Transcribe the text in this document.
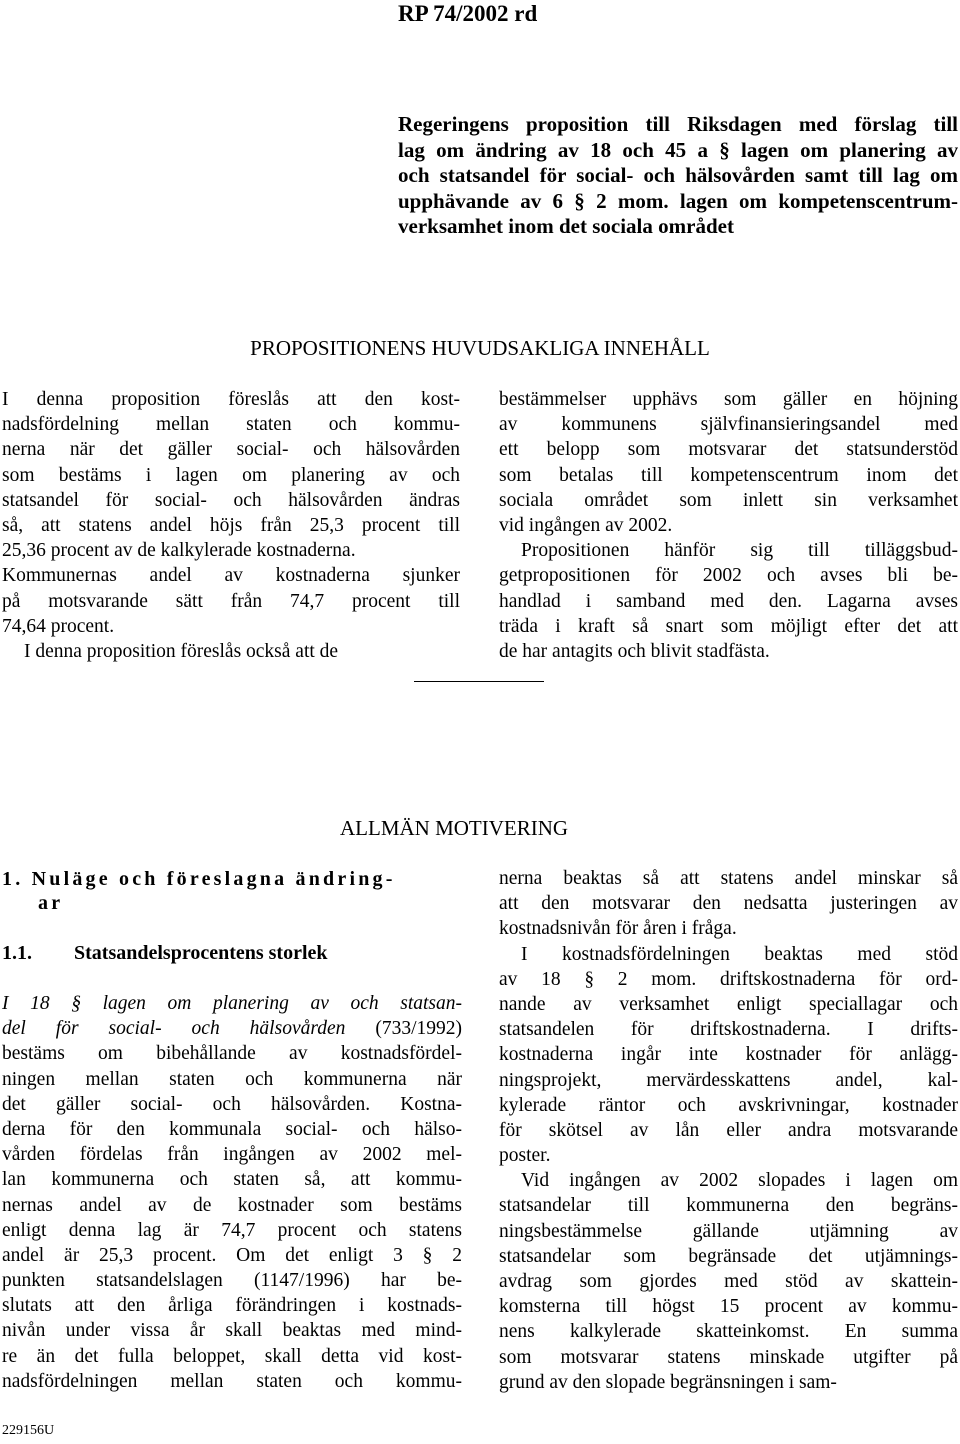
RP 74/2002 rd
Regeringens proposition till Riksdagen med förslag till
lag om ändring av 18 och 45 a § lagen om planering av
och statsandel för social- och hälsovården samt till lag om
upphävande av 6 § 2 mom. lagen om kompetenscentrum-
verksamhet inom det sociala området
PROPOSITIONENS HUVUDSAKLIGA INNEHÅLL
I denna proposition föreslås att den kost-
nadsfördelning mellan staten och kommu-
nerna när det gäller social- och hälsovården
som bestäms i lagen om planering av och
statsandel för social- och hälsovården ändras
så, att statens andel höjs från 25,3 procent till
25,36 procent av de kalkylerade kostnaderna.
Kommunernas andel av kostnaderna sjunker
på motsvarande sätt från 74,7 procent till
74,64 procent.
I denna proposition föreslås också att de
bestämmelser upphävs som gäller en höjning
av kommunens självfinansieringsandel med
ett belopp som motsvarar det statsunderstöd
som betalas till kompetenscentrum inom det
sociala området som inlett sin verksamhet
vid ingången av 2002.
Propositionen hänför sig till tilläggsbud-
getpropositionen för 2002 och avses bli be-
handlad i samband med den. Lagarna avses
träda i kraft så snart som möjligt efter det att
de har antagits och blivit stadfästa.
ALLMÄN MOTIVERING
1. Nuläge och föreslagna ändring-
ar
1.1. Statsandelsprocentens storlek
I 18 § lagen om planering av och statsan-
del för social- och hälsovården (733/1992)
bestäms om bibehållande av kostnadsfördel-
ningen mellan staten och kommunerna när
det gäller social- och hälsovården. Kostna-
derna för den kommunala social- och hälso-
vården fördelas från ingången av 2002 mel-
lan kommunerna och staten så, att kommu-
nernas andel av de kostnader som bestäms
enligt denna lag är 74,7 procent och statens
andel är 25,3 procent. Om det enligt 3 § 2
punkten statsandelslagen (1147/1996) har be-
slutats att den årliga förändringen i kostnads-
nivån under vissa år skall beaktas med mind-
re än det fulla beloppet, skall detta vid kost-
nadsfördelningen mellan staten och kommu-
nerna beaktas så att statens andel minskar så
att den motsvarar den nedsatta justeringen av
kostnadsnivån för åren i fråga.
I kostnadsfördelningen beaktas med stöd
av 18 § 2 mom. driftskostnaderna för ord-
nande av verksamhet enligt speciallagar och
statsandelen för driftskostnaderna. I drifts-
kostnaderna ingår inte kostnader för anlägg-
ningsprojekt, mervärdesskattens andel, kal-
kylerade räntor och avskrivningar, kostnader
för skötsel av lån eller andra motsvarande
poster.
Vid ingången av 2002 slopades i lagen om
statsandelar till kommunerna den begräns-
ningsbestämmelse gällande utjämning av
statsandelar som begränsade det utjämnings-
avdrag som gjordes med stöd av skattein-
komsterna till högst 15 procent av kommu-
nens kalkylerade skatteinkomst. En summa
som motsvarar statens minskade utgifter på
grund av den slopade begränsningen i sam-
229156U
